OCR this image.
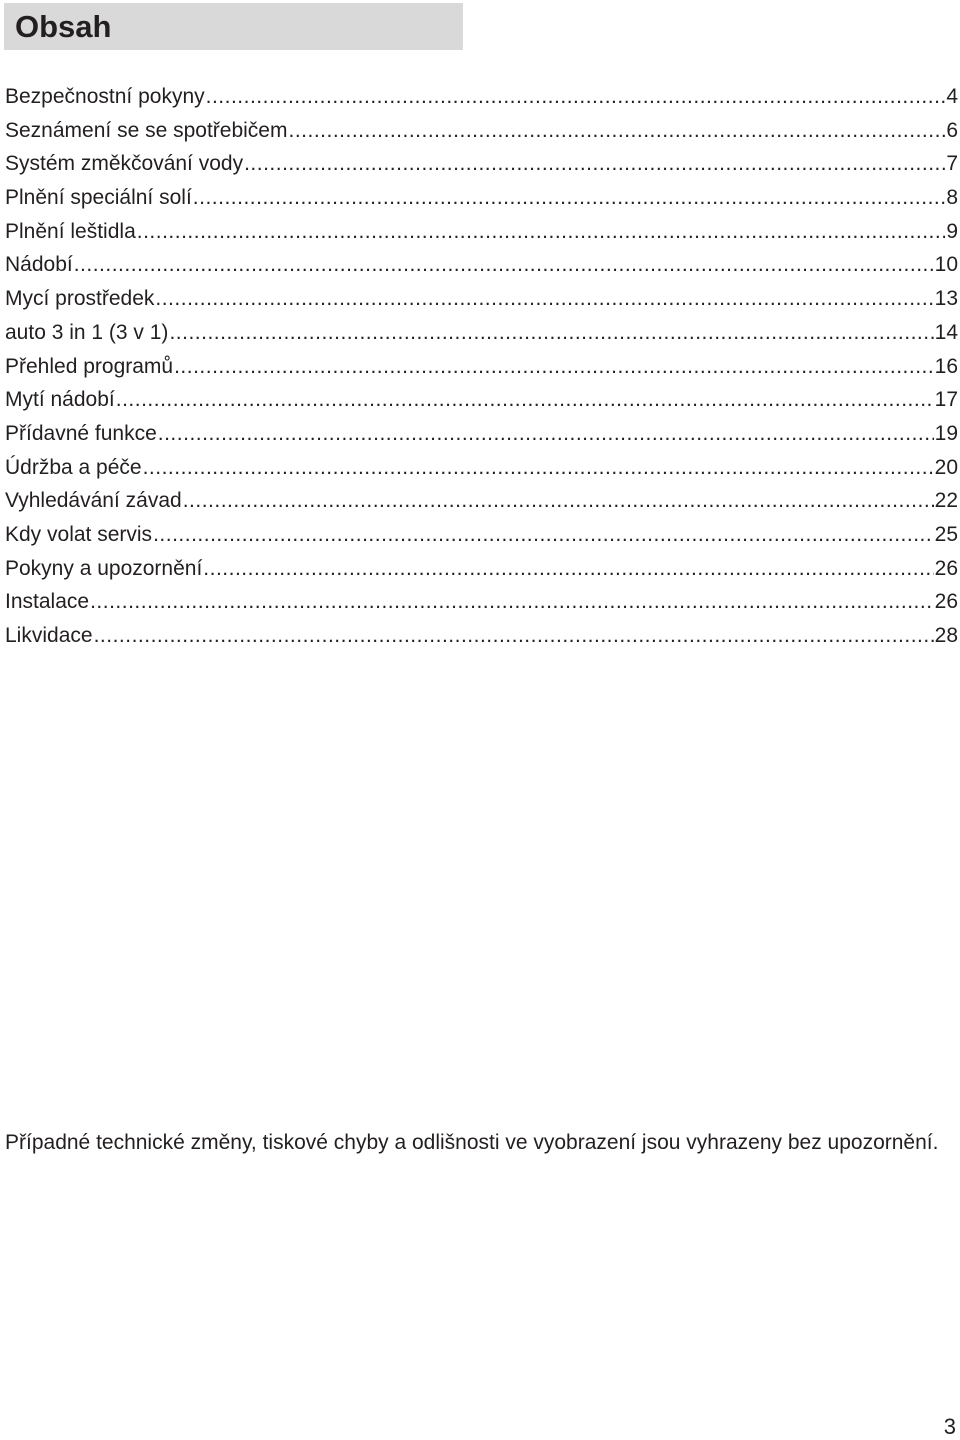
Obsah
Bezpečnostní pokyny .....	4
Seznámení se se spotřebičem .....	6
Systém změkčování vody .....	7
Plnění speciální solí .....	8
Plnění leštidla .....	9
Nádobí .....	10
Mycí prostředek .....	13
auto 3 in 1 (3 v 1) .....	14
Přehled programů .....	16
Mytí nádobí .....	17
Přídavné funkce .....	19
Údržba a péče .....	20
Vyhledávání závad .....	22
Kdy volat servis .....	25
Pokyny a upozornění .....	26
Instalace .....	26
Likvidace .....	28
Případné technické změny, tiskové chyby a odlišnosti ve vyobrazení jsou vyhrazeny bez upozornění.
3
